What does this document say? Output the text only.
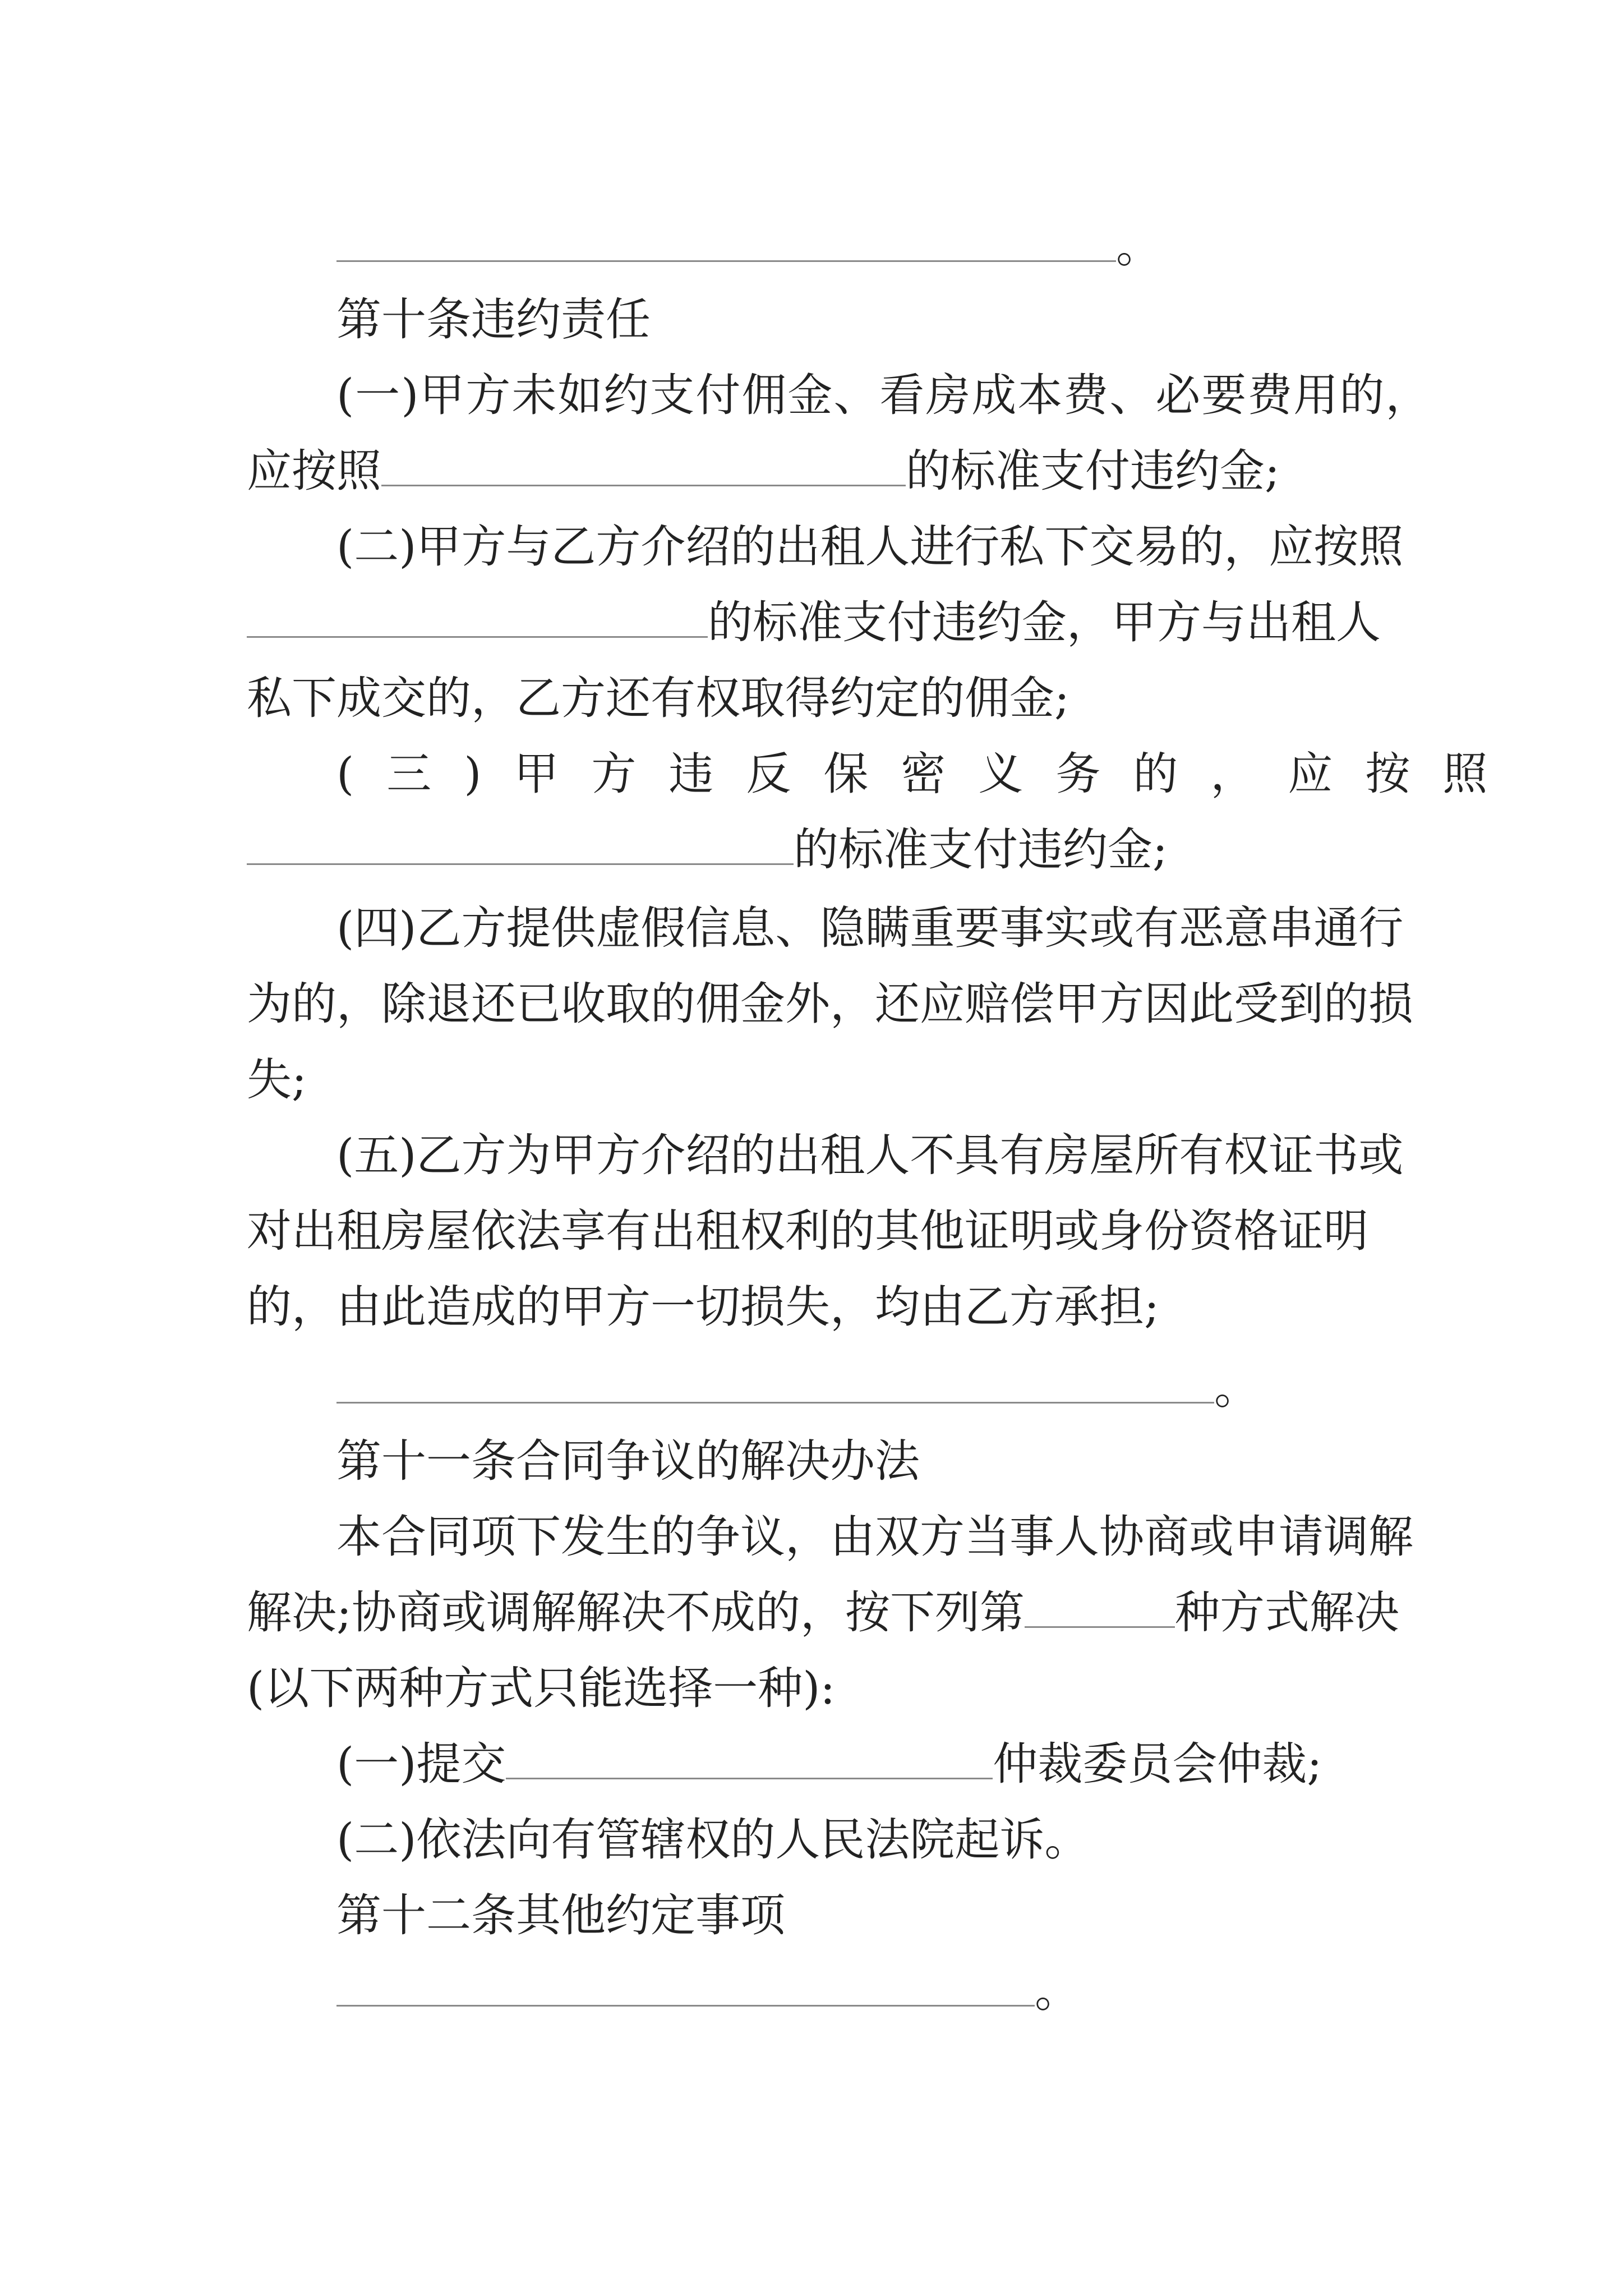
。
第十条违约责任
(一)甲方未如约支付佣金、看房成本费、必要费用的，
应按照	的标准支付违约金;
(二)甲方与乙方介绍的出租人进行私下交易的，应按照
的标准支付违约金，甲方与出租人
私下成交的，乙方还有权取得约定的佣金;
(三)甲方违反保密义务的，应按照
的标准支付违约金;
(四)乙方提供虚假信息、隐瞒重要事实或有恶意串通行
为的，除退还已收取的佣金外，还应赔偿甲方因此受到的损
失;
(五)乙方为甲方介绍的出租人不具有房屋所有权证书或
对出租房屋依法享有出租权利的其他证明或身份资格证明
的，由此造成的甲方一切损失，均由乙方承担;
。
第十一条合同争议的解决办法
本合同项下发生的争议，由双方当事人协商或申请调解
解决;协商或调解解决不成的，按下列第	种方式解决
(以下两种方式只能选择一种):
(一)提交	仲裁委员会仲裁;
(二)依法向有管辖权的人民法院起诉。
第十二条其他约定事项
。
